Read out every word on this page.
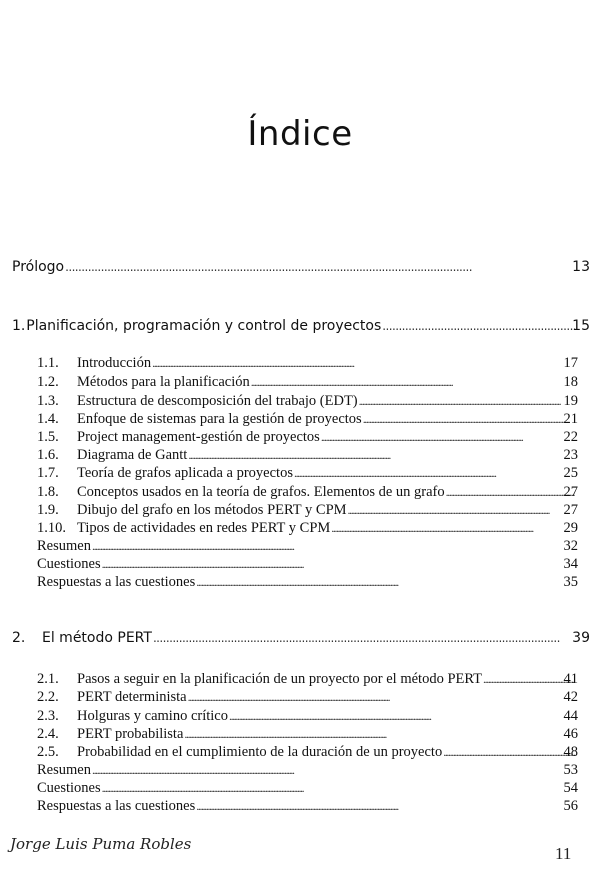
Índice
Prólogo . . .	13
1. Planificación, programación y control de proyectos . . .	15
1.1. Introducción . . .	17
1.2. Métodos para la planificación . . .	18
1.3. Estructura de descomposición del trabajo (EDT) . . .	19
1.4. Enfoque de sistemas para la gestión de proyectos . . .	21
1.5. Project management-gestión de proyectos . . .	22
1.6. Diagrama de Gantt . . .	23
1.7. Teoría de grafos aplicada a proyectos . . .	25
1.8. Conceptos usados en la teoría de grafos. Elementos de un grafo . . .	27
1.9. Dibujo del grafo en los métodos PERT y CPM . . .	27
1.10. Tipos de actividades en redes PERT y CPM . . .	29
Resumen . . .	32
Cuestiones . . .	34
Respuestas a las cuestiones . . .	35
2.	El método PERT . . .	39
2.1. Pasos a seguir en la planificación de un proyecto por el método PERT . . .	41
2.2. PERT determinista . . .	42
2.3. Holguras y camino crítico . . .	44
2.4. PERT probabilista . . .	46
2.5. Probabilidad en el cumplimiento de la duración de un proyecto . . .	48
Resumen . . .	53
Cuestiones . . .	54
Respuestas a las cuestiones . . .	56
Jorge Luis Puma Robles	11
